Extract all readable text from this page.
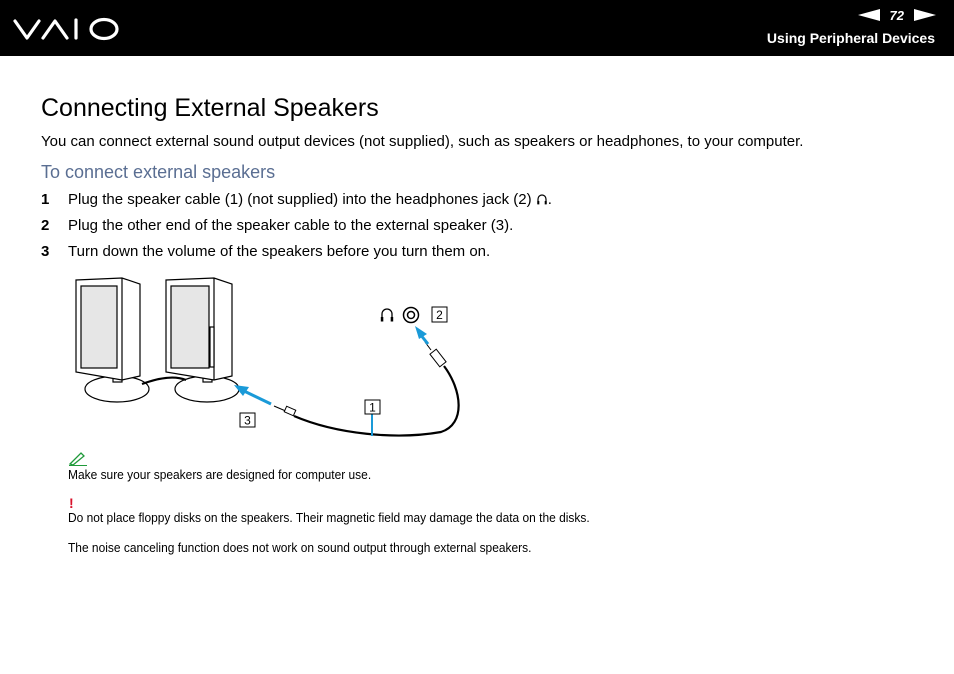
72
Using Peripheral Devices
Connecting External Speakers
You can connect external sound output devices (not supplied), such as speakers or headphones, to your computer.
To connect external speakers
1 Plug the speaker cable (1) (not supplied) into the headphones jack (2) .
2 Plug the other end of the speaker cable to the external speaker (3).
3 Turn down the volume of the speakers before you turn them on.
1
2
3
Make sure your speakers are designed for computer use.
!
Do not place floppy disks on the speakers. Their magnetic field may damage the data on the disks.
The noise canceling function does not work on sound output through external speakers.
